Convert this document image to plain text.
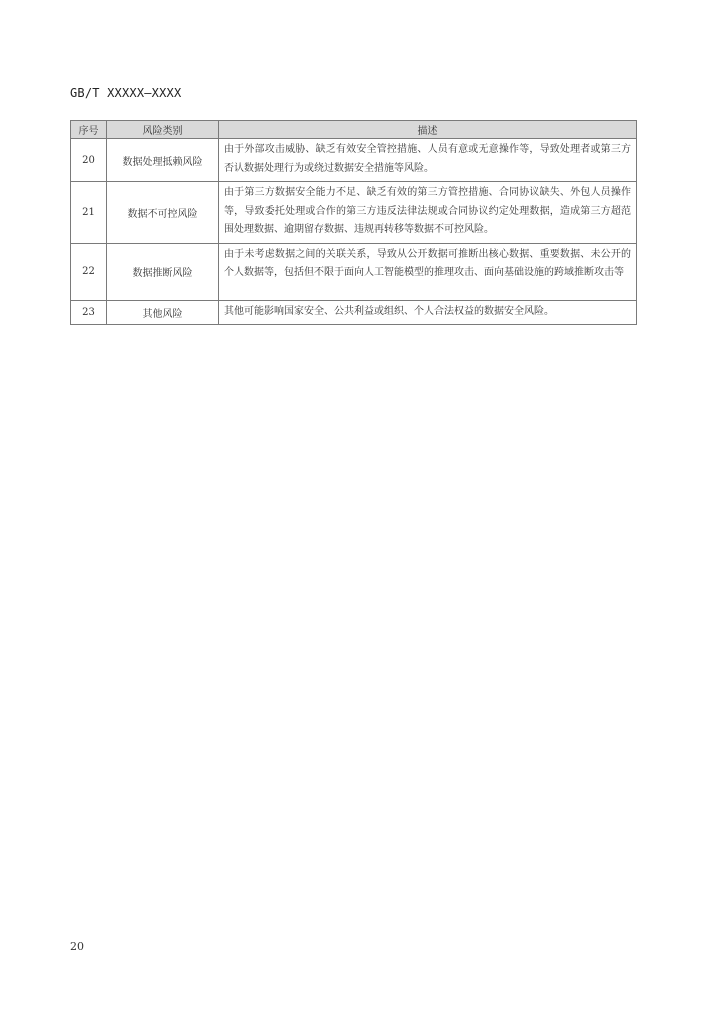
GB/T XXXXX—XXXX
序号	风险类别	描述
20	数据处理抵赖风险	由于外部攻击威胁、缺乏有效安全管控措施、人员有意或无意操作等，导致处理者或第三方否认数据处理行为或绕过数据安全措施等风险。
21	数据不可控风险	由于第三方数据安全能力不足、缺乏有效的第三方管控措施、合同协议缺失、外包人员操作等，导致委托处理或合作的第三方违反法律法规或合同协议约定处理数据，造成第三方超范围处理数据、逾期留存数据、违规再转移等数据不可控风险。
22	数据推断风险	由于未考虑数据之间的关联关系，导致从公开数据可推断出核心数据、重要数据、未公开的个人数据等，包括但不限于面向人工智能模型的推理攻击、面向基础设施的跨域推断攻击等
23	其他风险	其他可能影响国家安全、公共利益或组织、个人合法权益的数据安全风险。
20
